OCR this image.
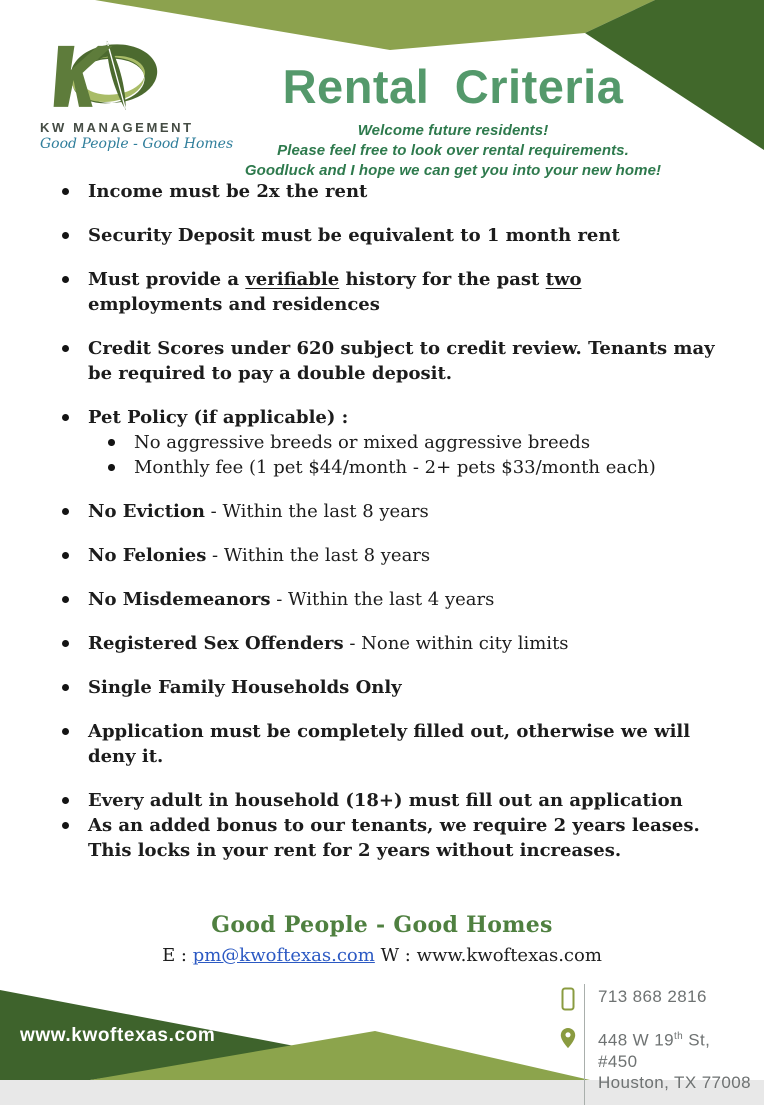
KW MANAGEMENT
Good People - Good Homes
Rental Criteria
Welcome future residents!
Please feel free to look over rental requirements.
Goodluck and I hope we can get you into your new home!
Income must be 2x the rent
Security Deposit must be equivalent to 1 month rent
Must provide a verifiable history for the past two
employments and residences
Credit Scores under 620 subject to credit review. Tenants may
be required to pay a double deposit.
Pet Policy (if applicable) :
No aggressive breeds or mixed aggressive breeds
Monthly fee (1 pet $44/month - 2+ pets $33/month each)
No Eviction - Within the last 8 years
No Felonies - Within the last 8 years
No Misdemeanors - Within the last 4 years
Registered Sex Offenders - None within city limits
Single Family Households Only
Application must be completely filled out, otherwise we will
deny it.
Every adult in household (18+) must fill out an application
As an added bonus to our tenants, we require 2 years leases.
This locks in your rent for 2 years without increases.
Good People - Good Homes
E : pm@kwoftexas.com W : www.kwoftexas.com
www.kwoftexas.com
713 868 2816
448 W 19th St, #450
Houston, TX 77008
